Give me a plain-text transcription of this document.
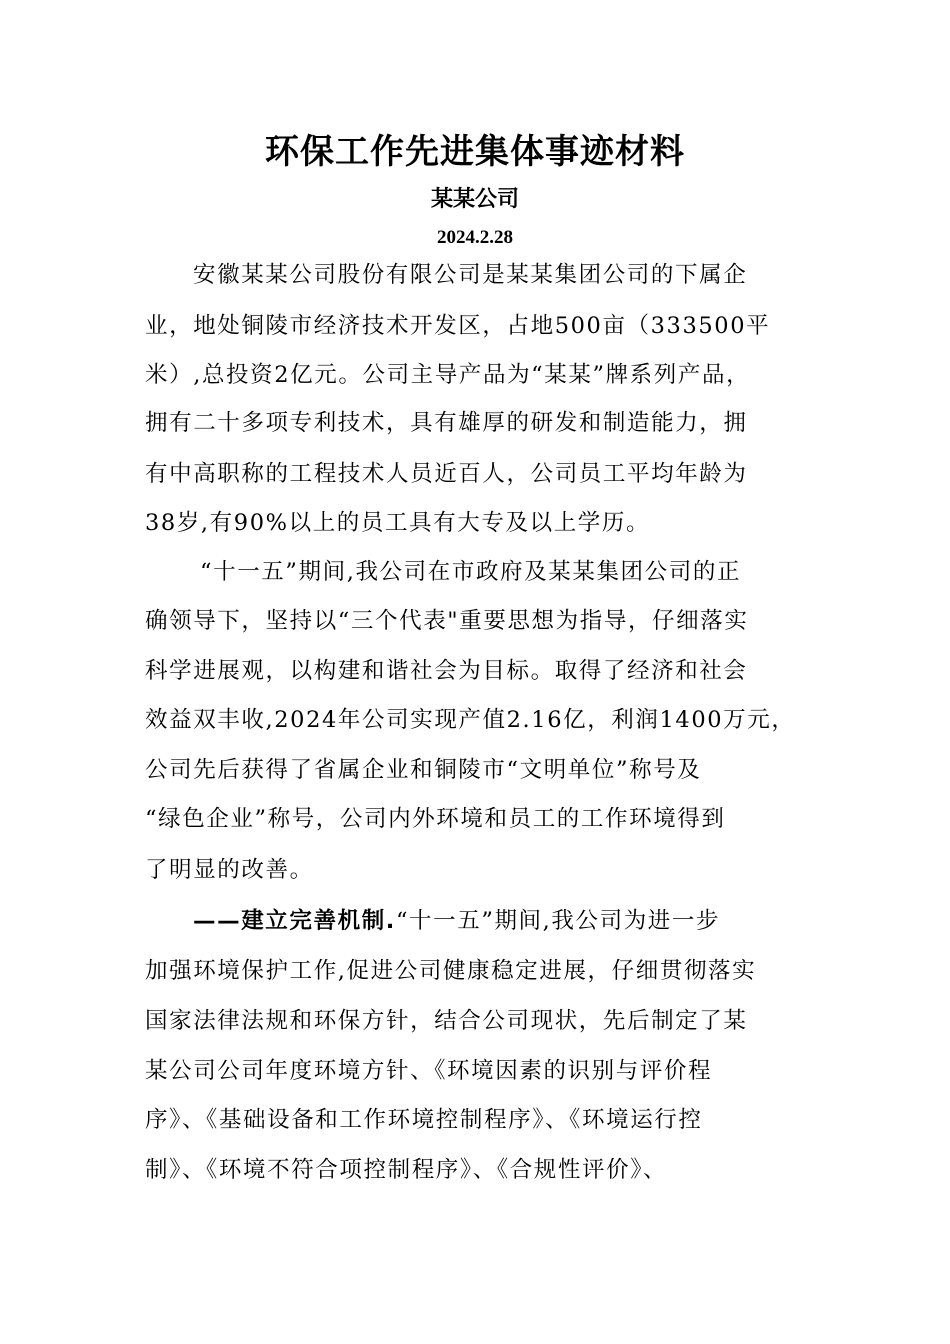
环保工作先进集体事迹材料
某某公司
2024.2.28
安徽某某公司股份有限公司是某某集团公司的下属企
业，地处铜陵市经济技术开发区，占地500亩（333500平
米）,总投资2亿元。公司主导产品为“某某”牌系列产品，
拥有二十多项专利技术，具有雄厚的研发和制造能力，拥
有中高职称的工程技术人员近百人，公司员工平均年龄为
38岁,有90%以上的员工具有大专及以上学历。
“十一五”期间,我公司在市政府及某某集团公司的正
确领导下，坚持以“三个代表"重要思想为指导，仔细落实
科学进展观，以构建和谐社会为目标。取得了经济和社会
效益双丰收,2024年公司实现产值2.16亿，利润1400万元，
公司先后获得了省属企业和铜陵市“文明单位”称号及
“绿色企业”称号，公司内外环境和员工的工作环境得到
了明显的改善。
——建立完善机制.“十一五”期间,我公司为进一步
加强环境保护工作,促进公司健康稳定进展，仔细贯彻落实
国家法律法规和环保方针，结合公司现状，先后制定了某
某公司公司年度环境方针、《环境因素的识别与评价程
序》、《基础设备和工作环境控制程序》、《环境运行控
制》、《环境不符合项控制程序》、《合规性评价》、
